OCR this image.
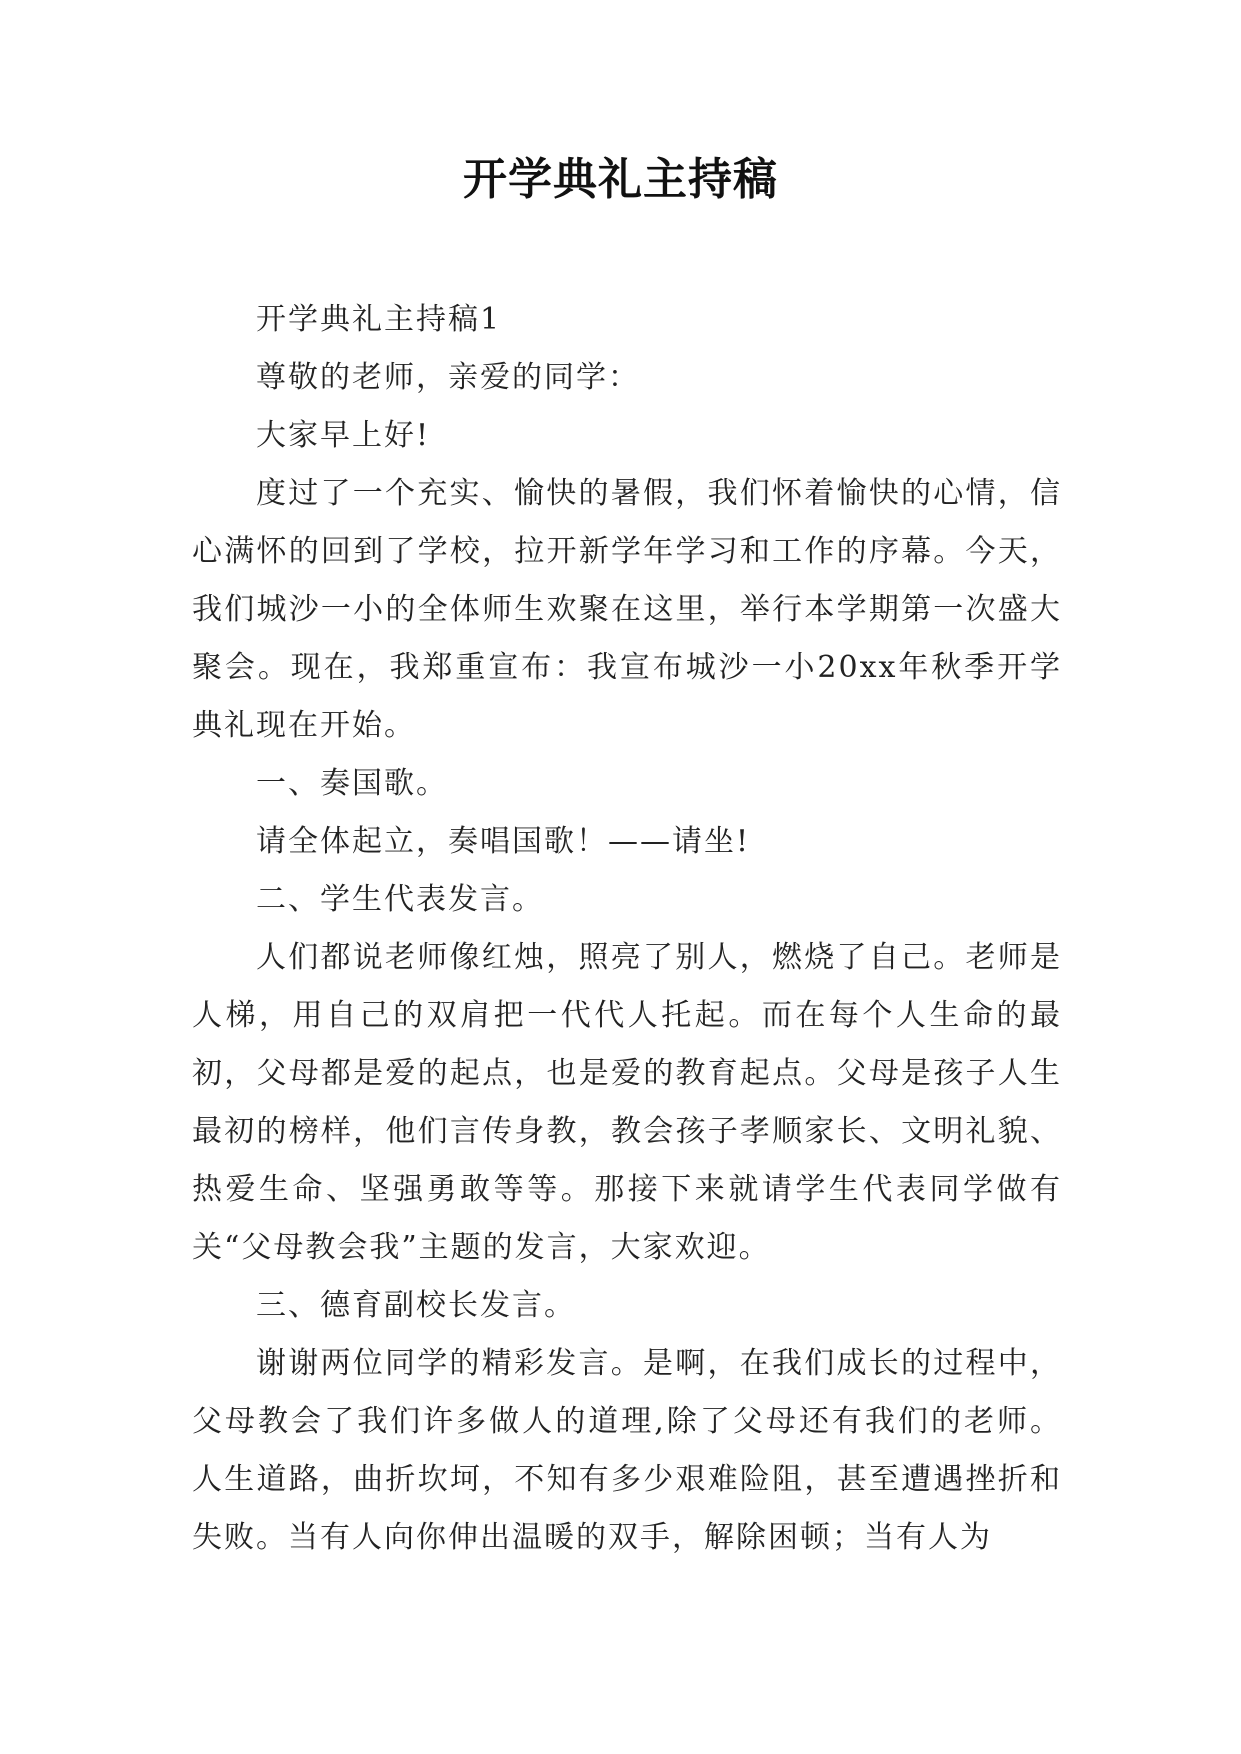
开学典礼主持稿

开学典礼主持稿1

尊敬的老师，亲爱的同学：

大家早上好!

度过了一个充实、愉快的暑假，我们怀着愉快的心情，信心满怀的回到了学校，拉开新学年学习和工作的序幕。今天，我们城沙一小的全体师生欢聚在这里，举行本学期第一次盛大聚会。现在，我郑重宣布：我宣布城沙一小20xx年秋季开学典礼现在开始。

一、奏国歌。

请全体起立，奏唱国歌！——请坐!

二、学生代表发言。

人们都说老师像红烛，照亮了别人，燃烧了自己。老师是人梯，用自己的双肩把一代代人托起。而在每个人生命的最初，父母都是爱的起点，也是爱的教育起点。父母是孩子人生最初的榜样，他们言传身教，教会孩子孝顺家长、文明礼貌、热爱生命、坚强勇敢等等。那接下来就请学生代表同学做有关“父母教会我”主题的发言，大家欢迎。

三、德育副校长发言。

谢谢两位同学的精彩发言。是啊，在我们成长的过程中，父母教会了我们许多做人的道理,除了父母还有我们的老师。人生道路，曲折坎坷，不知有多少艰难险阻，甚至遭遇挫折和失败。当有人向你伸出温暖的双手，解除困顿；当有人为
